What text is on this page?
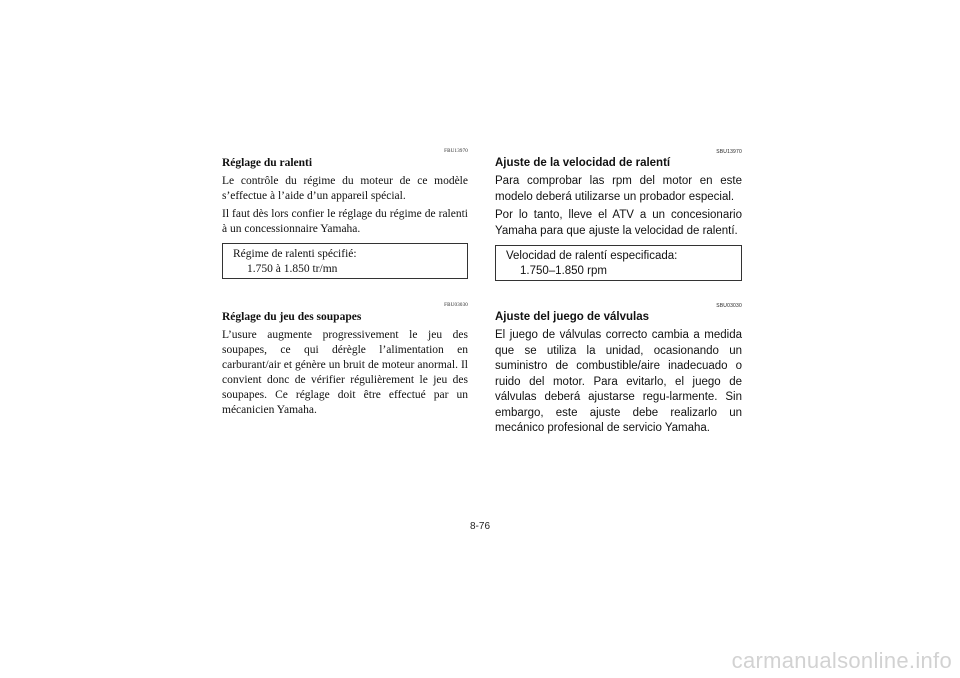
FBU13970
Réglage du ralenti

Le contrôle du régime du moteur de ce modèle s’effectue à l’aide d’un appareil spécial.

Il faut dès lors confier le réglage du régime de ralenti à un concessionnaire Yamaha.

Régime de ralenti spécifié:
1.750 à 1.850 tr/mn
FBU03030
Réglage du jeu des soupapes

L’usure augmente progressivement le jeu des soupapes, ce qui dérègle l’alimentation en carburant/air et génère un bruit de moteur anormal. Il convient donc de vérifier régulièrement le jeu des soupapes. Ce réglage doit être effectué par un mécanicien Yamaha.

SBU13970
Ajuste de la velocidad de ralentí

Para comprobar las rpm del motor en este modelo deberá utilizarse un probador especial.

Por lo tanto, lleve el ATV a un concesionario Yamaha para que ajuste la velocidad de ralentí.

Velocidad de ralentí especificada:
1.750–1.850 rpm
SBU03030
Ajuste del juego de válvulas

El juego de válvulas correcto cambia a medida que se utiliza la unidad, ocasionando un suministro de combustible/aire inadecuado o ruido del motor. Para evitarlo, el juego de válvulas deberá ajustarse regu-larmente. Sin embargo, este ajuste debe realizarlo un mecánico profesional de servicio Yamaha.

8-76
carmanualsonline.info
